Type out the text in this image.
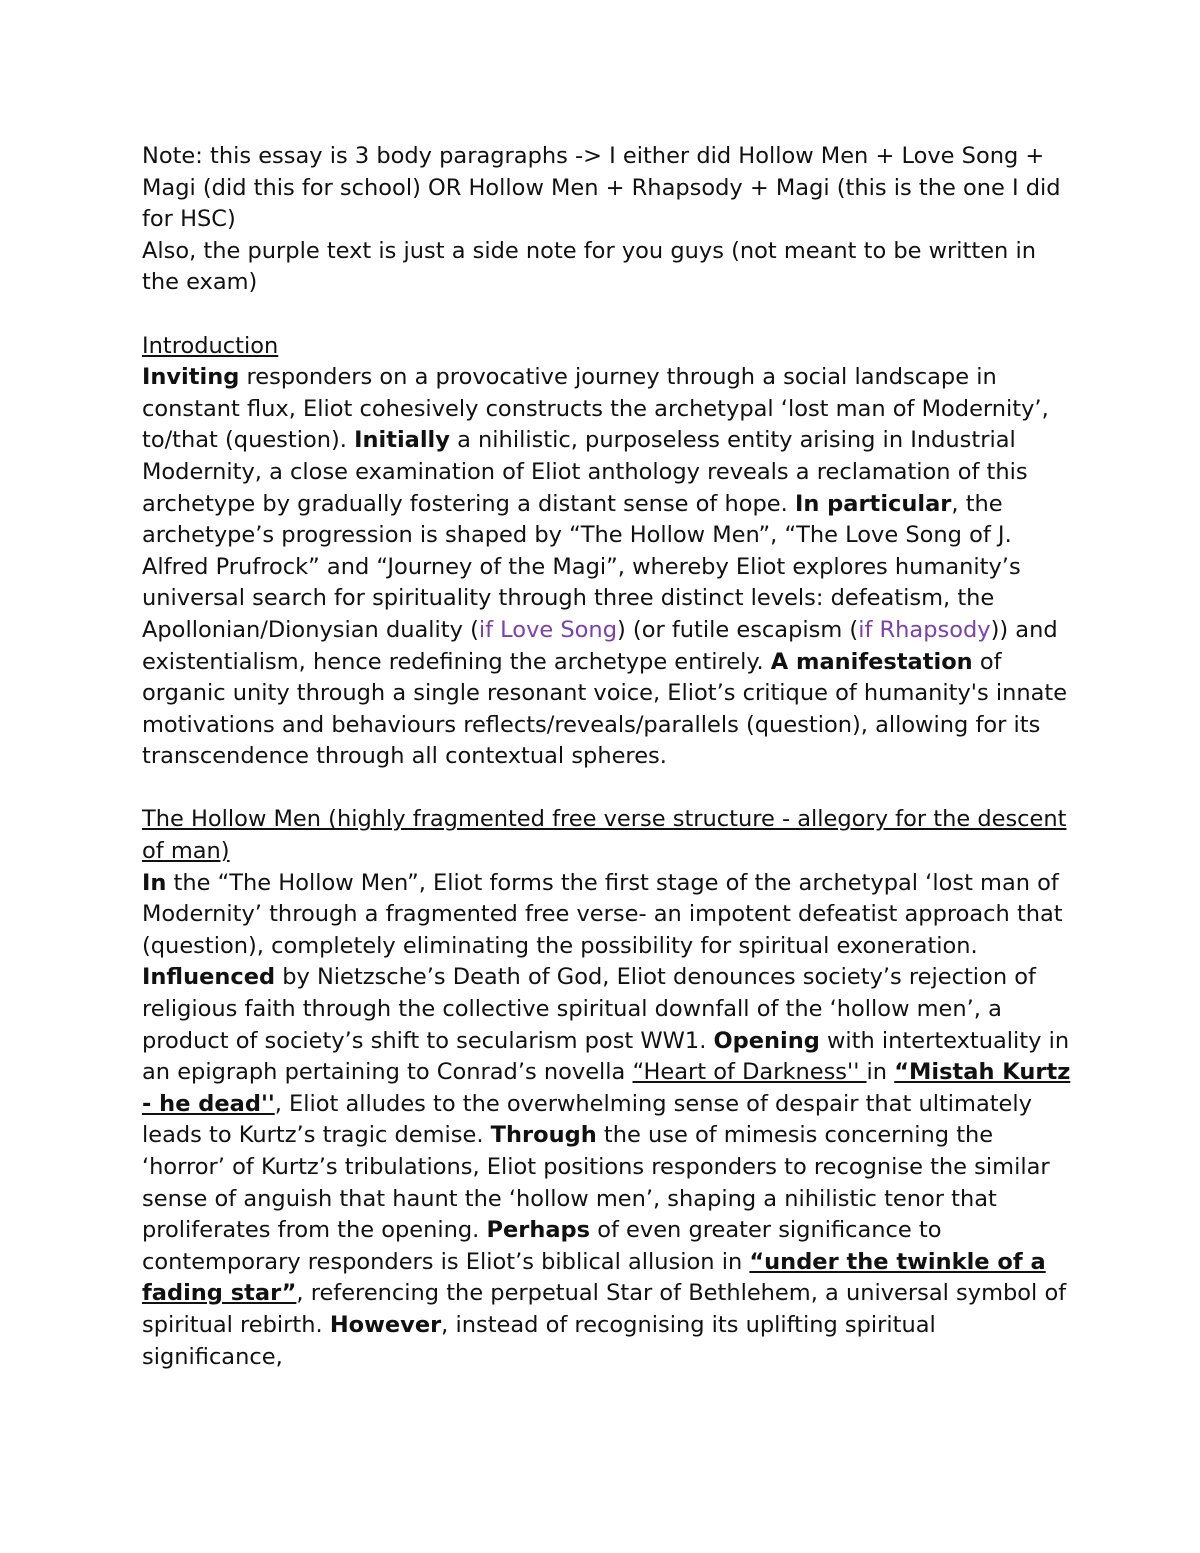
Note: this essay is 3 body paragraphs -> I either did Hollow Men + Love Song + Magi (did this for school) OR Hollow Men + Rhapsody + Magi (this is the one I did for HSC)

Also, the purple text is just a side note for you guys (not meant to be written in the exam)

Introduction

Inviting responders on a provocative journey through a social landscape in constant flux, Eliot cohesively constructs the archetypal ‘lost man of Modernity’, to/that (question). Initially a nihilistic, purposeless entity arising in Industrial Modernity, a close examination of Eliot anthology reveals a reclamation of this archetype by gradually fostering a distant sense of hope. In particular, the archetype’s progression is shaped by “The Hollow Men”, “The Love Song of J. Alfred Prufrock” and “Journey of the Magi”, whereby Eliot explores humanity’s universal search for spirituality through three distinct levels: defeatism, the Apollonian/Dionysian duality (if Love Song) (or futile escapism (if Rhapsody)) and existentialism, hence redefining the archetype entirely. A manifestation of organic unity through a single resonant voice, Eliot’s critique of humanity's innate motivations and behaviours reflects/reveals/parallels (question), allowing for its transcendence through all contextual spheres.

The Hollow Men (highly fragmented free verse structure - allegory for the descent of man)

In the “The Hollow Men”, Eliot forms the first stage of the archetypal ‘lost man of Modernity’ through a fragmented free verse- an impotent defeatist approach that (question), completely eliminating the possibility for spiritual exoneration. Influenced by Nietzsche’s Death of God, Eliot denounces society’s rejection of religious faith through the collective spiritual downfall of the ‘hollow men’, a product of society’s shift to secularism post WW1. Opening with intertextuality in an epigraph pertaining to Conrad’s novella “Heart of Darkness'' in “Mistah Kurtz - he dead'', Eliot alludes to the overwhelming sense of despair that ultimately leads to Kurtz’s tragic demise. Through the use of mimesis concerning the ‘horror’ of Kurtz’s tribulations, Eliot positions responders to recognise the similar sense of anguish that haunt the ‘hollow men’, shaping a nihilistic tenor that proliferates from the opening. Perhaps of even greater significance to contemporary responders is Eliot’s biblical allusion in “under the twinkle of a fading star”, referencing the perpetual Star of Bethlehem, a universal symbol of spiritual rebirth. However, instead of recognising its uplifting spiritual significance,
